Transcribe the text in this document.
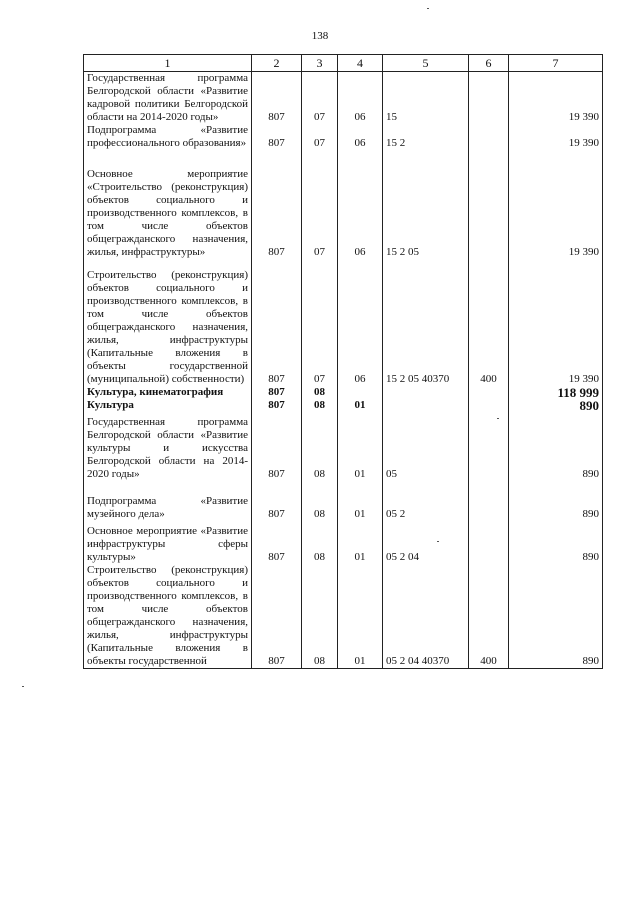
138
1	2	3	4	5	6	7
Государственная программа Белгородской области «Развитие кадровой политики Белгородской области на 2014-2020 годы»	807	07	06	15		19 390
Подпрограмма «Развитие профессионального образования»	807	07	06	15 2		19 390
Основное мероприятие «Строительство (реконструкция) объектов социального и производственного комплексов, в том числе объектов общегражданского назначения, жилья, инфраструктуры»	807	07	06	15 2 05		19 390
Строительство (реконструкция) объектов социального и производственного комплексов, в том числе объектов общегражданского назначения, жилья, инфраструктуры (Капитальные вложения в объекты государственной (муниципальной) собственности)	807	07	06	15 2 05 40370	400	19 390
Культура, кинематография	807	08				118 999
Культура	807	08	01			890
Государственная программа Белгородской области «Развитие культуры и искусства Белгородской области на 2014-2020 годы»	807	08	01	05		890
Подпрограмма «Развитие музейного дела»	807	08	01	05 2		890
Основное мероприятие «Развитие инфраструктуры сферы культуры»	807	08	01	05 2 04		890
Строительство (реконструкция) объектов социального и производственного комплексов, в том числе объектов общегражданского назначения, жилья, инфраструктуры (Капитальные вложения в объекты государственной	807	08	01	05 2 04 40370	400	890
